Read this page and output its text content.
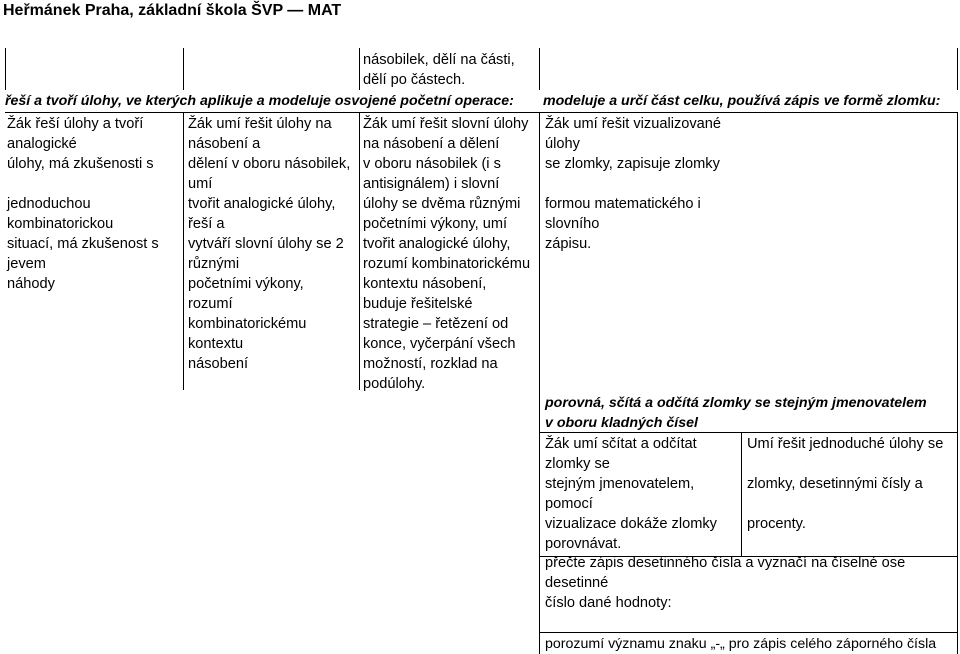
Heřmánek Praha, základní škola ŠVP — MAT
násobilek, dělí na části,
dělí po částech.
řeší a tvoří úlohy, ve kterých aplikuje a modeluje osvojené početní operace: modeluje a určí část celku, používá zápis ve formě zlomku:
Žák řeší úlohy a tvoří
analogické
úlohy, má zkušenosti s
jednoduchou
kombinatorickou
situací, má zkušenost s
jevem
náhody
Žák umí řešit úlohy na
násobení a
dělení v oboru násobilek,
umí
tvořit analogické úlohy,
řeší a
vytváří slovní úlohy se 2
různými
početními výkony,
rozumí
kombinatorickému
kontextu
násobení
Žák umí řešit slovní úlohy
na násobení a dělení
v oboru násobilek (i s
antisignálem) i slovní
úlohy se dvěma různými
početními výkony, umí
tvořit analogické úlohy,
rozumí kombinatorickému
kontextu násobení,
buduje řešitelské
strategie – řetězení od
konce, vyčerpání všech
možností, rozklad na
podúlohy.
Žák umí řešit vizualizované
úlohy
se zlomky, zapisuje zlomky
formou matematického i
slovního
zápisu.
porovná, sčítá a odčítá zlomky se stejným jmenovatelem
v oboru kladných čísel
Žák umí sčítat a odčítat
zlomky se
stejným jmenovatelem,
pomocí
vizualizace dokáže zlomky
porovnávat.
Umí řešit jednoduché úlohy se
zlomky, desetinnými čísly a
procenty.
přečte zápis desetinného čísla a vyznačí na číselné ose
desetinné
číslo dané hodnoty:
porozumí významu znaku „-„ pro zápis celého záporného čísla
